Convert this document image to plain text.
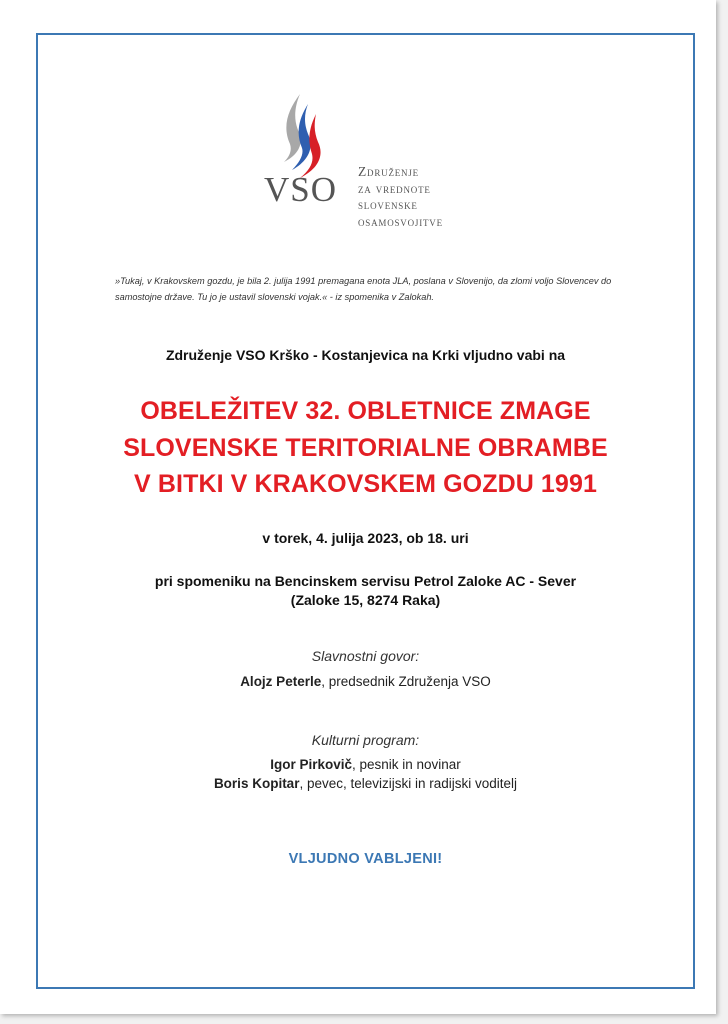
VSO Združenje
za vrednote
slovenske
osamosvojitve
»Tukaj, v Krakovskem gozdu, je bila 2. julija 1991 premagana enota JLA, poslana v Slovenijo, da zlomi voljo Slovencev do samostojne države. Tu jo je ustavil slovenski vojak.« - iz spomenika v Zalokah.
Združenje VSO Krško - Kostanjevica na Krki vljudno vabi na
OBELEŽITEV 32. OBLETNICE ZMAGE
SLOVENSKE TERITORIALNE OBRAMBE
V BITKI V KRAKOVSKEM GOZDU 1991
v torek, 4. julija 2023, ob 18. uri
pri spomeniku na Bencinskem servisu Petrol Zaloke AC - Sever
(Zaloke 15, 8274 Raka)
Slavnostni govor:
Alojz Peterle, predsednik Združenja VSO
Kulturni program:
Igor Pirkovič, pesnik in novinar
Boris Kopitar, pevec, televizijski in radijski voditelj
VLJUDNO VABLJENI!
